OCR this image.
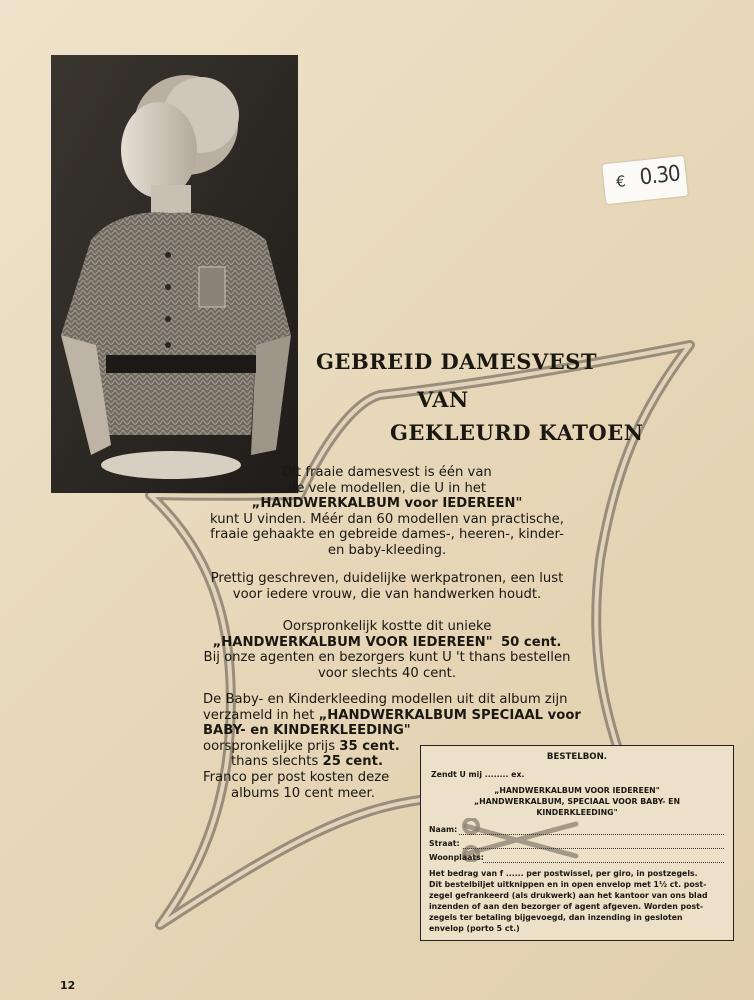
€ 0.30
GEBREID DAMESVEST
VAN
GEKLEURD KATOEN
Dit fraaie damesvest is één van
de vele modellen, die U in het
„HANDWERKALBUM voor IEDEREEN"
kunt U vinden. Méér dan 60 modellen van practische,
fraaie gehaakte en gebreide dames-, heeren-, kinder-
en baby-kleeding.
Prettig geschreven, duidelijke werkpatronen, een lust
voor iedere vrouw, die van handwerken houdt.
Oorspronkelijk kostte dit unieke
„HANDWERKALBUM VOOR IEDEREEN" 50 cent.
Bij onze agenten en bezorgers kunt U 't thans bestellen
voor slechts 40 cent.
De Baby- en Kinderkleeding modellen uit dit album zijn
verzameld in het „HANDWERKALBUM SPECIAAL voor
BABY- en KINDERKLEEDING"
oorspronkelijke prijs 35 cent.
thans slechts 25 cent.
Franco per post kosten deze
albums 10 cent meer.
BESTELBON.
Zendt U mij ........ ex.
„HANDWERKALBUM VOOR IEDEREEN"
„HANDWERKALBUM, SPECIAAL VOOR BABY- EN
KINDERKLEEDING"
Naam:
Straat:
Woonplaats:
Het bedrag van f ...... per postwissel, per giro, in postzegels.
Dit bestelbiljet uitknippen en in open envelop met 1½ ct. post-
zegel gefrankeerd (als drukwerk) aan het kantoor van ons blad
inzenden of aan den bezorger of agent afgeven. Worden post-
zegels ter betaling bijgevoegd, dan inzending in gesloten
envelop (porto 5 ct.)
12
